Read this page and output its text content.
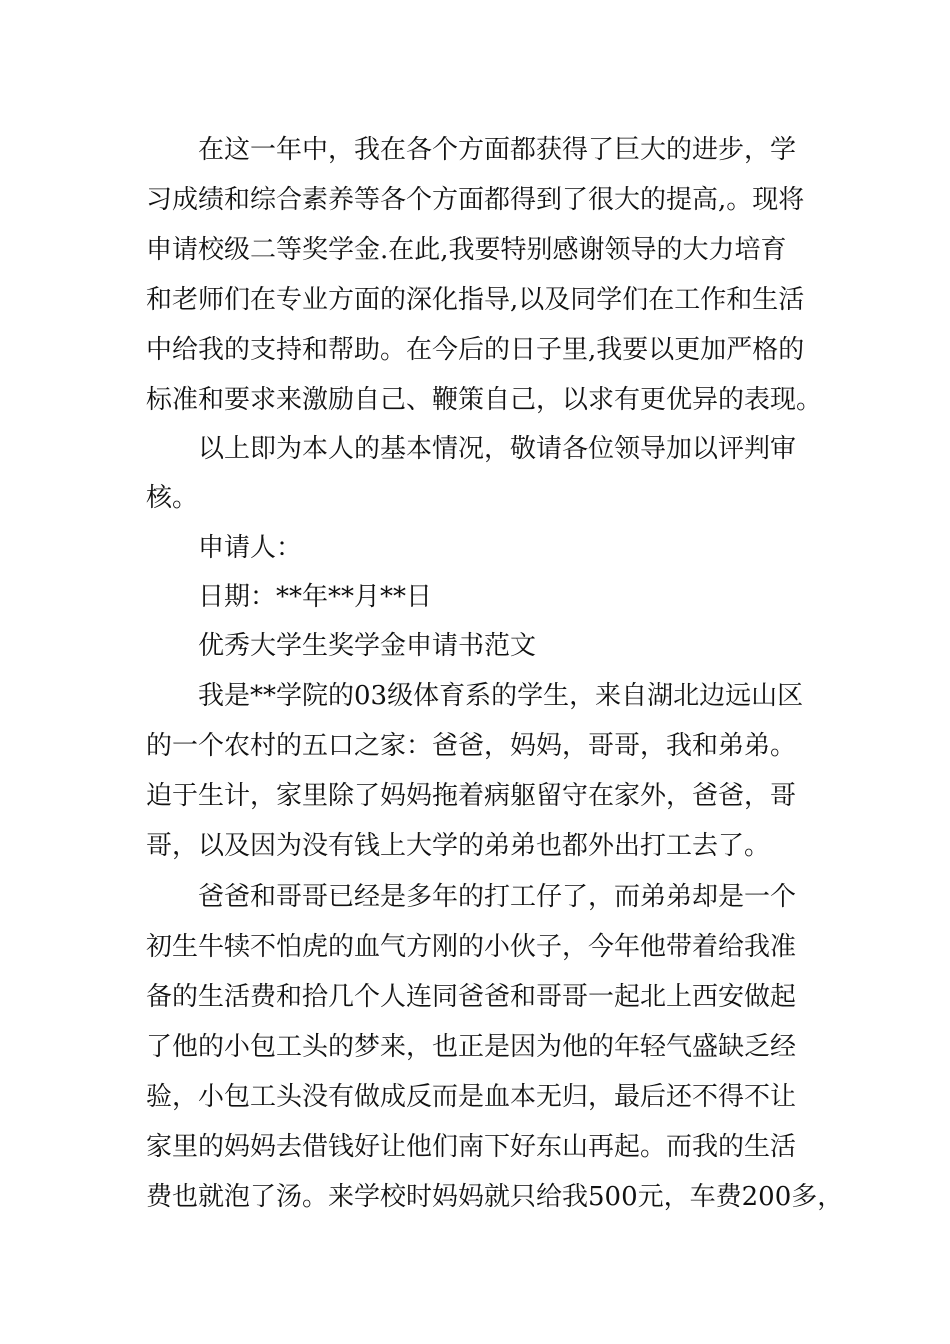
在这一年中，我在各个方面都获得了巨大的进步，学
习成绩和综合素养等各个方面都得到了很大的提高,。现将
申请校级二等奖学金.在此,我要特别感谢领导的大力培育
和老师们在专业方面的深化指导,以及同学们在工作和生活
中给我的支持和帮助。在今后的日子里,我要以更加严格的
标准和要求来激励自己、鞭策自己，以求有更优异的表现。
以上即为本人的基本情况，敬请各位领导加以评判审
核。
申请人：
日期：**年**月**日
优秀大学生奖学金申请书范文
我是**学院的03级体育系的学生，来自湖北边远山区
的一个农村的五口之家：爸爸，妈妈，哥哥，我和弟弟。
迫于生计，家里除了妈妈拖着病躯留守在家外，爸爸，哥
哥，以及因为没有钱上大学的弟弟也都外出打工去了。
爸爸和哥哥已经是多年的打工仔了，而弟弟却是一个
初生牛犊不怕虎的血气方刚的小伙子，今年他带着给我准
备的生活费和拾几个人连同爸爸和哥哥一起北上西安做起
了他的小包工头的梦来，也正是因为他的年轻气盛缺乏经
验，小包工头没有做成反而是血本无归，最后还不得不让
家里的妈妈去借钱好让他们南下好东山再起。而我的生活
费也就泡了汤。来学校时妈妈就只给我500元，车费200多，
